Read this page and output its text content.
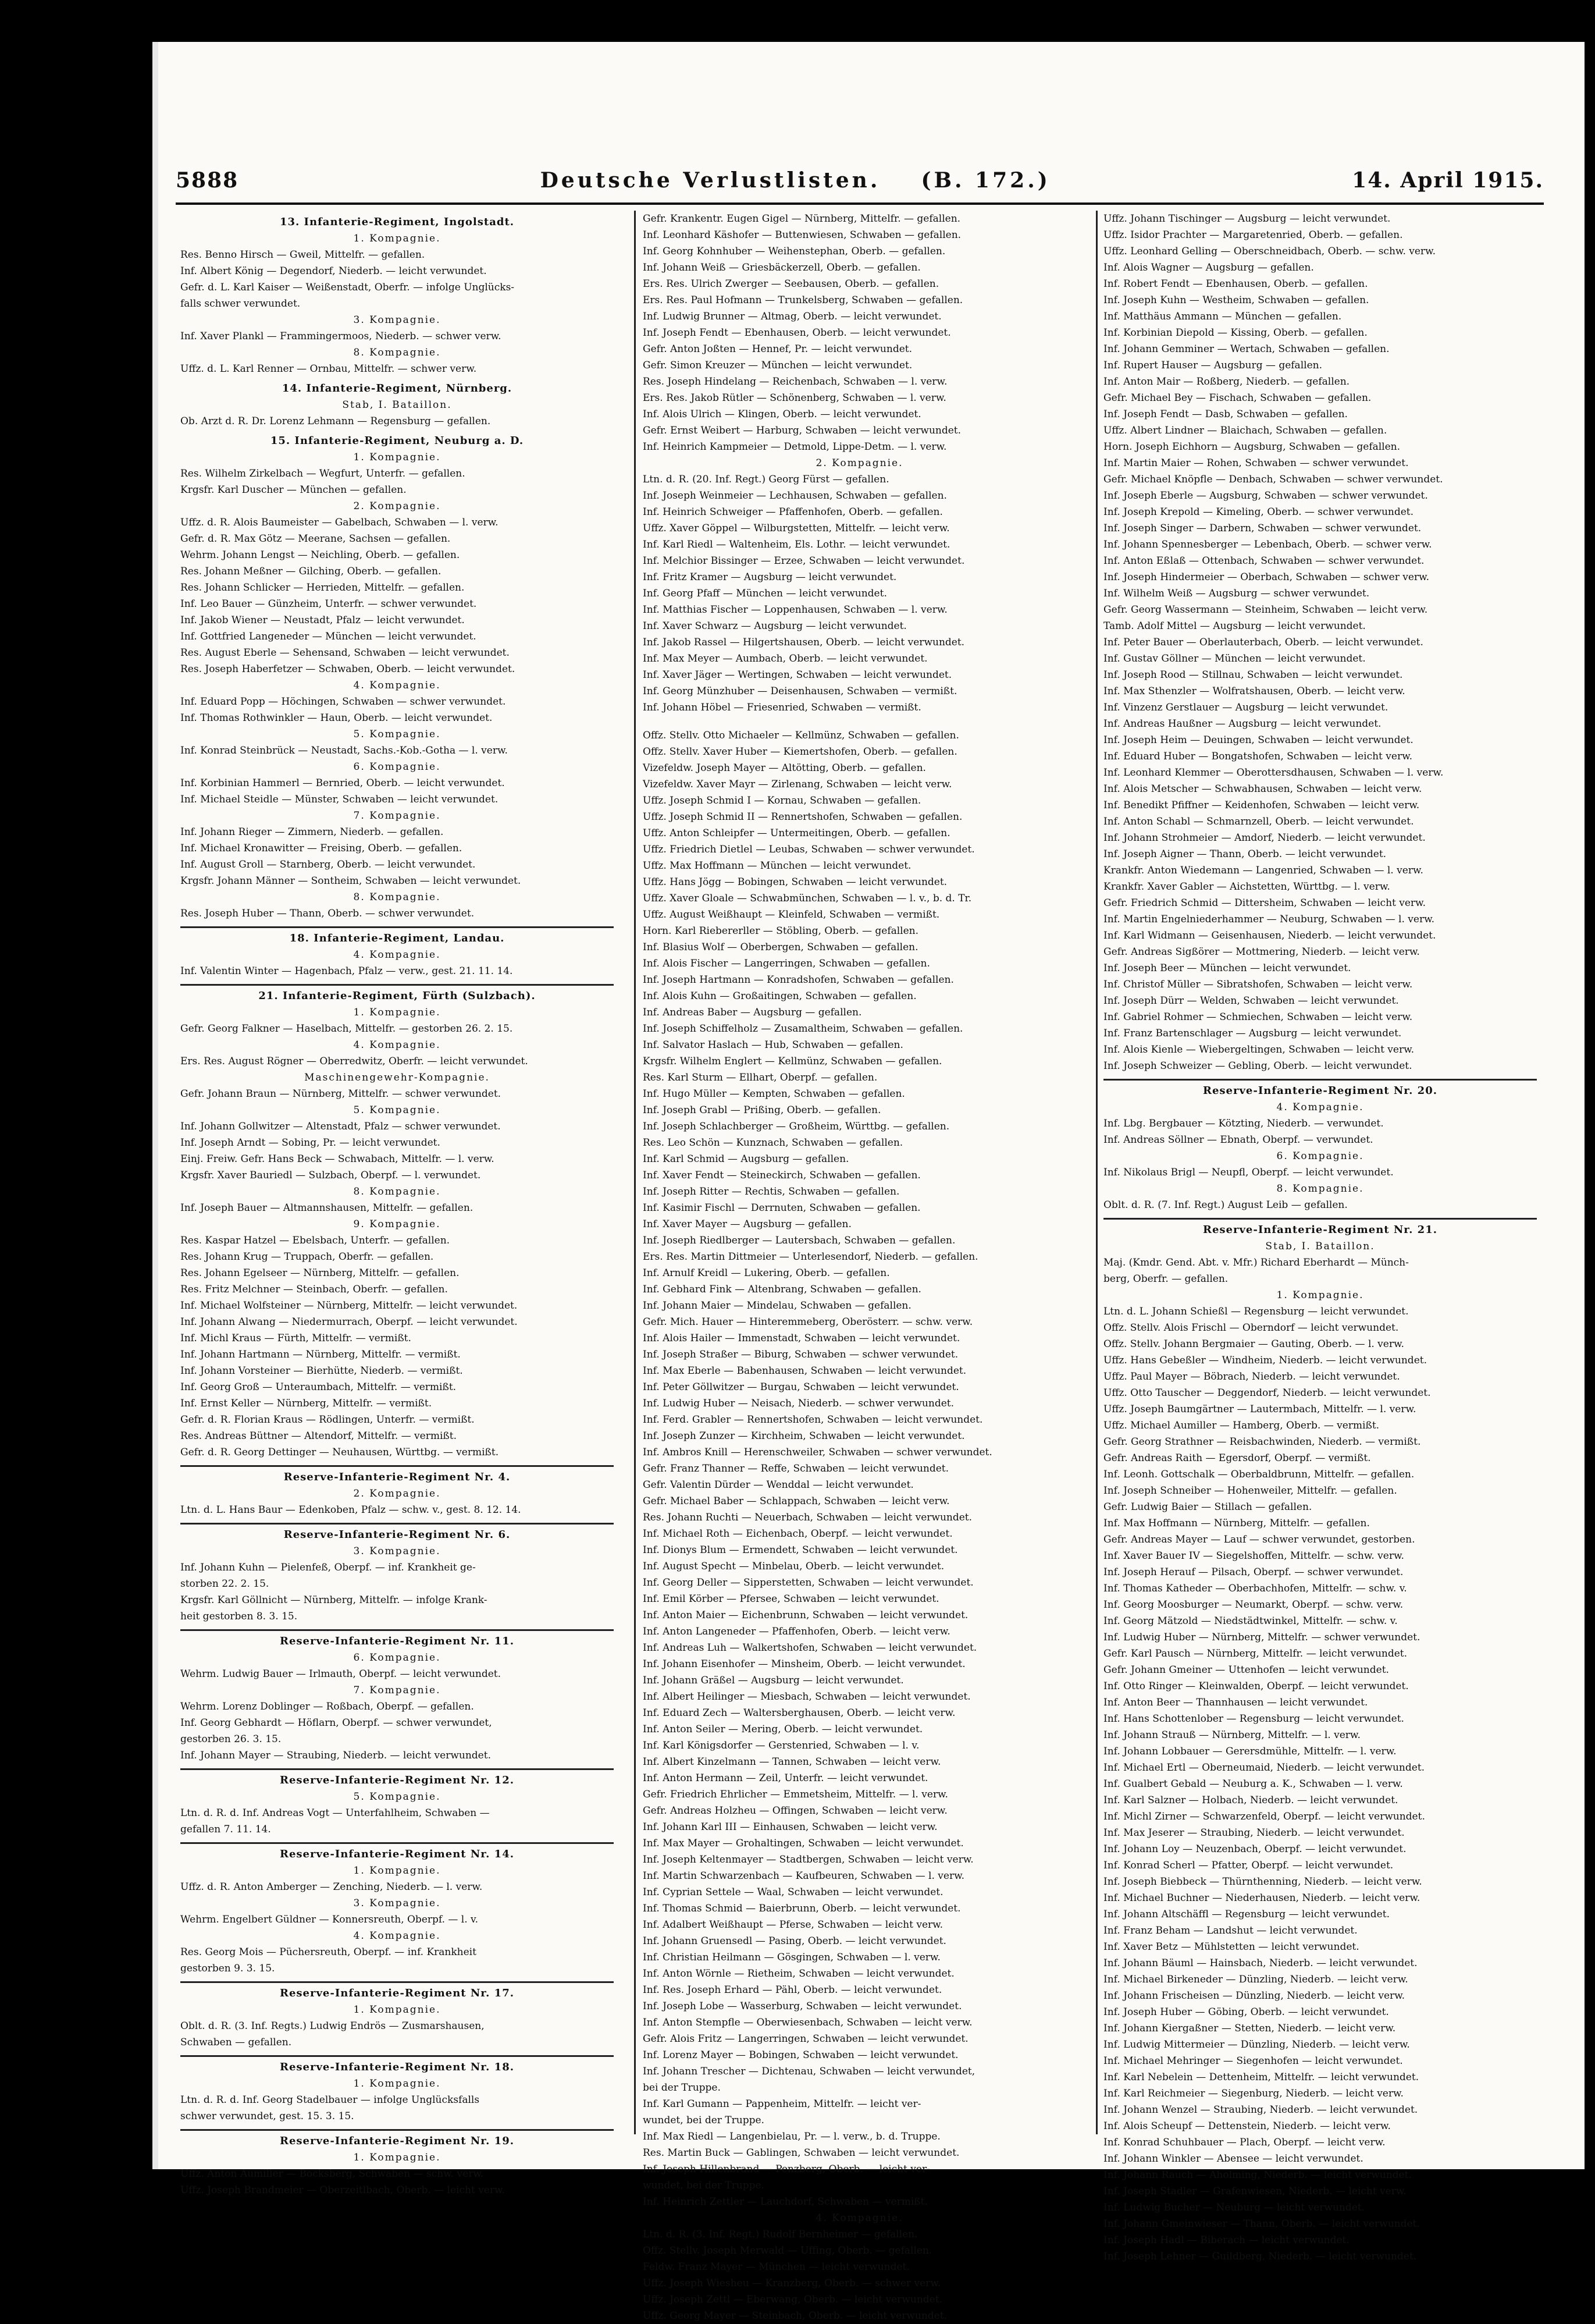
5888	Deutsche Verlustlisten. (B. 172.)	14. April 1915.
13. Infanterie-Regiment, Ingolstadt.
1. Kompagnie.
Res. Benno Hirsch — Gweil, Mittelfr. — gefallen.
Inf. Albert König — Degendorf, Niederb. — leicht verwundet.
Gefr. d. L. Karl Kaiser — Weißenstadt, Oberfr. — infolge Unglücks-
falls schwer verwundet.
3. Kompagnie.
Inf. Xaver Plankl — Frammingermoos, Niederb. — schwer verw.
8. Kompagnie.
Uffz. d. L. Karl Renner — Ornbau, Mittelfr. — schwer verw.
14. Infanterie-Regiment, Nürnberg.
Stab, I. Bataillon.
Ob. Arzt d. R. Dr. Lorenz Lehmann — Regensburg — gefallen.
15. Infanterie-Regiment, Neuburg a. D.
1. Kompagnie.
Res. Wilhelm Zirkelbach — Wegfurt, Unterfr. — gefallen.
Krgsfr. Karl Duscher — München — gefallen.
2. Kompagnie.
Uffz. d. R. Alois Baumeister — Gabelbach, Schwaben — l. verw.
Gefr. d. R. Max Götz — Meerane, Sachsen — gefallen.
Wehrm. Johann Lengst — Neichling, Oberb. — gefallen.
Res. Johann Meßner — Gilching, Oberb. — gefallen.
Res. Johann Schlicker — Herrieden, Mittelfr. — gefallen.
Inf. Leo Bauer — Günzheim, Unterfr. — schwer verwundet.
Inf. Jakob Wiener — Neustadt, Pfalz — leicht verwundet.
Inf. Gottfried Langeneder — München — leicht verwundet.
Res. August Eberle — Sehensand, Schwaben — leicht verwundet.
Res. Joseph Haberfetzer — Schwaben, Oberb. — leicht verwundet.
4. Kompagnie.
Inf. Eduard Popp — Höchingen, Schwaben — schwer verwundet.
Inf. Thomas Rothwinkler — Haun, Oberb. — leicht verwundet.
5. Kompagnie.
Inf. Konrad Steinbrück — Neustadt, Sachs.-Kob.-Gotha — l. verw.
6. Kompagnie.
Inf. Korbinian Hammerl — Bernried, Oberb. — leicht verwundet.
Inf. Michael Steidle — Münster, Schwaben — leicht verwundet.
7. Kompagnie.
Inf. Johann Rieger — Zimmern, Niederb. — gefallen.
Inf. Michael Kronawitter — Freising, Oberb. — gefallen.
Inf. August Groll — Starnberg, Oberb. — leicht verwundet.
Krgsfr. Johann Männer — Sontheim, Schwaben — leicht verwundet.
8. Kompagnie.
Res. Joseph Huber — Thann, Oberb. — schwer verwundet.
18. Infanterie-Regiment, Landau.
4. Kompagnie.
Inf. Valentin Winter — Hagenbach, Pfalz — verw., gest. 21. 11. 14.
21. Infanterie-Regiment, Fürth (Sulzbach).
1. Kompagnie.
Gefr. Georg Falkner — Haselbach, Mittelfr. — gestorben 26. 2. 15.
4. Kompagnie.
Ers. Res. August Rögner — Oberredwitz, Oberfr. — leicht verwundet.
Maschinengewehr-Kompagnie.
Gefr. Johann Braun — Nürnberg, Mittelfr. — schwer verwundet.
5. Kompagnie.
Inf. Johann Gollwitzer — Altenstadt, Pfalz — schwer verwundet.
Inf. Joseph Arndt — Sobing, Pr. — leicht verwundet.
Einj. Freiw. Gefr. Hans Beck — Schwabach, Mittelfr. — l. verw.
Krgsfr. Xaver Bauriedl — Sulzbach, Oberpf. — l. verwundet.
8. Kompagnie.
Inf. Joseph Bauer — Altmannshausen, Mittelfr. — gefallen.
9. Kompagnie.
Res. Kaspar Hatzel — Ebelsbach, Unterfr. — gefallen.
Res. Johann Krug — Truppach, Oberfr. — gefallen.
Res. Johann Egelseer — Nürnberg, Mittelfr. — gefallen.
Res. Fritz Melchner — Steinbach, Oberfr. — gefallen.
Inf. Michael Wolfsteiner — Nürnberg, Mittelfr. — leicht verwundet.
Inf. Johann Alwang — Niedermurrach, Oberpf. — leicht verwundet.
Inf. Michl Kraus — Fürth, Mittelfr. — vermißt.
Inf. Johann Hartmann — Nürnberg, Mittelfr. — vermißt.
Inf. Johann Vorsteiner — Bierhütte, Niederb. — vermißt.
Inf. Georg Groß — Unteraumbach, Mittelfr. — vermißt.
Inf. Ernst Keller — Nürnberg, Mittelfr. — vermißt.
Gefr. d. R. Florian Kraus — Rödlingen, Unterfr. — vermißt.
Res. Andreas Büttner — Altendorf, Mittelfr. — vermißt.
Gefr. d. R. Georg Dettinger — Neuhausen, Württbg. — vermißt.
Reserve-Infanterie-Regiment Nr. 4.
2. Kompagnie.
Ltn. d. L. Hans Baur — Edenkoben, Pfalz — schw. v., gest. 8. 12. 14.
Reserve-Infanterie-Regiment Nr. 6.
3. Kompagnie.
Inf. Johann Kuhn — Pielenfeß, Oberpf. — inf. Krankheit ge-
storben 22. 2. 15.
Krgsfr. Karl Göllnicht — Nürnberg, Mittelfr. — infolge Krank-
heit gestorben 8. 3. 15.
Reserve-Infanterie-Regiment Nr. 11.
6. Kompagnie.
Wehrm. Ludwig Bauer — Irlmauth, Oberpf. — leicht verwundet.
7. Kompagnie.
Wehrm. Lorenz Doblinger — Roßbach, Oberpf. — gefallen.
Inf. Georg Gebhardt — Höflarn, Oberpf. — schwer verwundet,
gestorben 26. 3. 15.
Inf. Johann Mayer — Straubing, Niederb. — leicht verwundet.
Reserve-Infanterie-Regiment Nr. 12.
5. Kompagnie.
Ltn. d. R. d. Inf. Andreas Vogt — Unterfahlheim, Schwaben —
gefallen 7. 11. 14.
Reserve-Infanterie-Regiment Nr. 14.
1. Kompagnie.
Uffz. d. R. Anton Amberger — Zenching, Niederb. — l. verw.
3. Kompagnie.
Wehrm. Engelbert Güldner — Konnersreuth, Oberpf. — l. v.
4. Kompagnie.
Res. Georg Mois — Püchersreuth, Oberpf. — inf. Krankheit
gestorben 9. 3. 15.
Reserve-Infanterie-Regiment Nr. 17.
1. Kompagnie.
Oblt. d. R. (3. Inf. Regts.) Ludwig Endrös — Zusmarshausen,
Schwaben — gefallen.
Reserve-Infanterie-Regiment Nr. 18.
1. Kompagnie.
Ltn. d. R. d. Inf. Georg Stadelbauer — infolge Unglücksfalls
schwer verwundet, gest. 15. 3. 15.
Reserve-Infanterie-Regiment Nr. 19.
1. Kompagnie.
Uffz. Anton Aumiller — Bocksberg, Schwaben — schw. verw.
Uffz. Joseph Brandmeier — Oberzeitlbach, Oberb. — leicht verw.
Gefr. Krankentr. Eugen Gigel — Nürnberg, Mittelfr. — gefallen.
Inf. Leonhard Käshofer — Buttenwiesen, Schwaben — gefallen.
Inf. Georg Kohnhuber — Weihenstephan, Oberb. — gefallen.
Inf. Johann Weiß — Griesbäckerzell, Oberb. — gefallen.
Ers. Res. Ulrich Zwerger — Seebausen, Oberb. — gefallen.
Ers. Res. Paul Hofmann — Trunkelsberg, Schwaben — gefallen.
Inf. Ludwig Brunner — Altmag, Oberb. — leicht verwundet.
Inf. Joseph Fendt — Ebenhausen, Oberb. — leicht verwundet.
Gefr. Anton Joßten — Hennef, Pr. — leicht verwundet.
Gefr. Simon Kreuzer — München — leicht verwundet.
Res. Joseph Hindelang — Reichenbach, Schwaben — l. verw.
Ers. Res. Jakob Rütler — Schönenberg, Schwaben — l. verw.
Inf. Alois Ulrich — Klingen, Oberb. — leicht verwundet.
Gefr. Ernst Weibert — Harburg, Schwaben — leicht verwundet.
Inf. Heinrich Kampmeier — Detmold, Lippe-Detm. — l. verw.
2. Kompagnie.
Ltn. d. R. (20. Inf. Regt.) Georg Fürst — gefallen.
Inf. Joseph Weinmeier — Lechhausen, Schwaben — gefallen.
Inf. Heinrich Schweiger — Pfaffenhofen, Oberb. — gefallen.
Uffz. Xaver Göppel — Wilburgstetten, Mittelfr. — leicht verw.
Inf. Karl Riedl — Waltenheim, Els. Lothr. — leicht verwundet.
Inf. Melchior Bissinger — Erzee, Schwaben — leicht verwundet.
Inf. Fritz Kramer — Augsburg — leicht verwundet.
Inf. Georg Pfaff — München — leicht verwundet.
Inf. Matthias Fischer — Loppenhausen, Schwaben — l. verw.
Inf. Xaver Schwarz — Augsburg — leicht verwundet.
Inf. Jakob Rassel — Hilgertshausen, Oberb. — leicht verwundet.
Inf. Max Meyer — Aumbach, Oberb. — leicht verwundet.
Inf. Xaver Jäger — Wertingen, Schwaben — leicht verwundet.
Inf. Georg Münzhuber — Deisenhausen, Schwaben — vermißt.
Inf. Johann Höbel — Friesenried, Schwaben — vermißt.
Offz. Stellv. Otto Michaeler — Kellmünz, Schwaben — gefallen.
Offz. Stellv. Xaver Huber — Kiemertshofen, Oberb. — gefallen.
Vizefeldw. Joseph Mayer — Altötting, Oberb. — gefallen.
Vizefeldw. Xaver Mayr — Zirlenang, Schwaben — leicht verw.
Uffz. Joseph Schmid I — Kornau, Schwaben — gefallen.
Uffz. Joseph Schmid II — Rennertshofen, Schwaben — gefallen.
Uffz. Anton Schleipfer — Untermeitingen, Oberb. — gefallen.
Uffz. Friedrich Dietlel — Leubas, Schwaben — schwer verwundet.
Uffz. Max Hoffmann — München — leicht verwundet.
Uffz. Hans Jögg — Bobingen, Schwaben — leicht verwundet.
Uffz. Xaver Gloale — Schwabmünchen, Schwaben — l. v., b. d. Tr.
Uffz. August Weißhaupt — Kleinfeld, Schwaben — vermißt.
Horn. Karl Riebererller — Stöbling, Oberb. — gefallen.
Inf. Blasius Wolf — Oberbergen, Schwaben — gefallen.
Inf. Alois Fischer — Langerringen, Schwaben — gefallen.
Inf. Joseph Hartmann — Konradshofen, Schwaben — gefallen.
Inf. Alois Kuhn — Großaitingen, Schwaben — gefallen.
Inf. Andreas Baber — Augsburg — gefallen.
Inf. Joseph Schiffelholz — Zusamaltheim, Schwaben — gefallen.
Inf. Salvator Haslach — Hub, Schwaben — gefallen.
Krgsfr. Wilhelm Englert — Kellmünz, Schwaben — gefallen.
Res. Karl Sturm — Ellhart, Oberpf. — gefallen.
Inf. Hugo Müller — Kempten, Schwaben — gefallen.
Inf. Joseph Grabl — Prißing, Oberb. — gefallen.
Inf. Joseph Schlachberger — Großheim, Württbg. — gefallen.
Res. Leo Schön — Kunznach, Schwaben — gefallen.
Inf. Karl Schmid — Augsburg — gefallen.
Inf. Xaver Fendt — Steineckirch, Schwaben — gefallen.
Inf. Joseph Ritter — Rechtis, Schwaben — gefallen.
Inf. Kasimir Fischl — Derrnuten, Schwaben — gefallen.
Inf. Xaver Mayer — Augsburg — gefallen.
Inf. Joseph Riedlberger — Lautersbach, Schwaben — gefallen.
Ers. Res. Martin Dittmeier — Unterlesendorf, Niederb. — gefallen.
Inf. Arnulf Kreidl — Lukering, Oberb. — gefallen.
Inf. Gebhard Fink — Altenbrang, Schwaben — gefallen.
Inf. Johann Maier — Mindelau, Schwaben — gefallen.
Gefr. Mich. Hauer — Hinteremmeberg, Oberösterr. — schw. verw.
Inf. Alois Hailer — Immenstadt, Schwaben — leicht verwundet.
Inf. Joseph Straßer — Biburg, Schwaben — schwer verwundet.
Inf. Max Eberle — Babenhausen, Schwaben — leicht verwundet.
Inf. Peter Göllwitzer — Burgau, Schwaben — leicht verwundet.
Inf. Ludwig Huber — Neisach, Niederb. — schwer verwundet.
Inf. Ferd. Grabler — Rennertshofen, Schwaben — leicht verwundet.
Inf. Joseph Zunzer — Kirchheim, Schwaben — leicht verwundet.
Inf. Ambros Knill — Herenschweiler, Schwaben — schwer verwundet.
Gefr. Franz Thanner — Reffe, Schwaben — leicht verwundet.
Gefr. Valentin Dürder — Wenddal — leicht verwundet.
Gefr. Michael Baber — Schlappach, Schwaben — leicht verw.
Res. Johann Ruchti — Neuerbach, Schwaben — leicht verwundet.
Inf. Michael Roth — Eichenbach, Oberpf. — leicht verwundet.
Inf. Dionys Blum — Ermendett, Schwaben — leicht verwundet.
Inf. August Specht — Minbelau, Oberb. — leicht verwundet.
Inf. Georg Deller — Sipperstetten, Schwaben — leicht verwundet.
Inf. Emil Körber — Pfersee, Schwaben — leicht verwundet.
Inf. Anton Maier — Eichenbrunn, Schwaben — leicht verwundet.
Inf. Anton Langeneder — Pfaffenhofen, Oberb. — leicht verw.
Inf. Andreas Luh — Walkertshofen, Schwaben — leicht verwundet.
Inf. Johann Eisenhofer — Minsheim, Oberb. — leicht verwundet.
Inf. Johann Gräßel — Augsburg — leicht verwundet.
Inf. Albert Heilinger — Miesbach, Schwaben — leicht verwundet.
Inf. Eduard Zech — Waltersberghausen, Oberb. — leicht verw.
Inf. Anton Seiler — Mering, Oberb. — leicht verwundet.
Inf. Karl Königsdorfer — Gerstenried, Schwaben — l. v.
Inf. Albert Kinzelmann — Tannen, Schwaben — leicht verw.
Inf. Anton Hermann — Zeil, Unterfr. — leicht verwundet.
Gefr. Friedrich Ehrlicher — Emmetsheim, Mittelfr. — l. verw.
Gefr. Andreas Holzheu — Offingen, Schwaben — leicht verw.
Inf. Johann Karl III — Einhausen, Schwaben — leicht verw.
Inf. Max Mayer — Grohaltingen, Schwaben — leicht verwundet.
Inf. Joseph Keltenmayer — Stadtbergen, Schwaben — leicht verw.
Inf. Martin Schwarzenbach — Kaufbeuren, Schwaben — l. verw.
Inf. Cyprian Settele — Waal, Schwaben — leicht verwundet.
Inf. Thomas Schmid — Baierbrunn, Oberb. — leicht verwundet.
Inf. Adalbert Weißhaupt — Pferse, Schwaben — leicht verw.
Inf. Johann Gruensedl — Pasing, Oberb. — leicht verwundet.
Inf. Christian Heilmann — Gösgingen, Schwaben — l. verw.
Inf. Anton Wörnle — Rietheim, Schwaben — leicht verwundet.
Inf. Res. Joseph Erhard — Pähl, Oberb. — leicht verwundet.
Inf. Joseph Lobe — Wasserburg, Schwaben — leicht verwundet.
Inf. Anton Stempfle — Oberwiesenbach, Schwaben — leicht verw.
Gefr. Alois Fritz — Langerringen, Schwaben — leicht verwundet.
Inf. Lorenz Mayer — Bobingen, Schwaben — leicht verwundet.
Inf. Johann Trescher — Dichtenau, Schwaben — leicht verwundet,
bei der Truppe.
Inf. Karl Gumann — Pappenheim, Mittelfr. — leicht ver-
wundet, bei der Truppe.
Inf. Max Riedl — Langenbielau, Pr. — l. verw., b. d. Truppe.
Res. Martin Buck — Gablingen, Schwaben — leicht verwundet.
Inf. Joseph Hillenbrand — Penzberg, Oberb. — leicht ver-
wundet, bei der Truppe.
Inf. Heinrich Zettler — Lauchdorf, Schwaben — vermißt.
4. Kompagnie.
Ltn. d. R. (3. Inf. Regt.) Rudolf Bernheimer — gefallen.
Offz. Stellv. Joseph Merwald — Uffing, Oberb. — gefallen.
Feldw. Franz Mayer — München — leicht verwundet.
Uffz. Joseph Wiesheu — Kranzberg, Oberb. — schwer verw.
Uffz. Joseph Zettl — Eberwang, Oberb. — leicht verwundet.
Uffz. Georg Mayer — Steinbach, Oberb. — leicht verwundet.
Uffz. Johann Tischinger — Augsburg — leicht verwundet.
Uffz. Isidor Prachter — Margaretenried, Oberb. — gefallen.
Uffz. Leonhard Gelling — Oberschneidbach, Oberb. — schw. verw.
Inf. Alois Wagner — Augsburg — gefallen.
Inf. Robert Fendt — Ebenhausen, Oberb. — gefallen.
Inf. Joseph Kuhn — Westheim, Schwaben — gefallen.
Inf. Matthäus Ammann — München — gefallen.
Inf. Korbinian Diepold — Kissing, Oberb. — gefallen.
Inf. Johann Gemminer — Wertach, Schwaben — gefallen.
Inf. Rupert Hauser — Augsburg — gefallen.
Inf. Anton Mair — Roßberg, Niederb. — gefallen.
Gefr. Michael Bey — Fischach, Schwaben — gefallen.
Inf. Joseph Fendt — Dasb, Schwaben — gefallen.
Uffz. Albert Lindner — Blaichach, Schwaben — gefallen.
Horn. Joseph Eichhorn — Augsburg, Schwaben — gefallen.
Inf. Martin Maier — Rohen, Schwaben — schwer verwundet.
Gefr. Michael Knöpfle — Denbach, Schwaben — schwer verwundet.
Inf. Joseph Eberle — Augsburg, Schwaben — schwer verwundet.
Inf. Joseph Krepold — Kimeling, Oberb. — schwer verwundet.
Inf. Joseph Singer — Darbern, Schwaben — schwer verwundet.
Inf. Johann Spennesberger — Lebenbach, Oberb. — schwer verw.
Inf. Anton Eßlaß — Ottenbach, Schwaben — schwer verwundet.
Inf. Joseph Hindermeier — Oberbach, Schwaben — schwer verw.
Inf. Wilhelm Weiß — Augsburg — schwer verwundet.
Gefr. Georg Wassermann — Steinheim, Schwaben — leicht verw.
Tamb. Adolf Mittel — Augsburg — leicht verwundet.
Inf. Peter Bauer — Oberlauterbach, Oberb. — leicht verwundet.
Inf. Gustav Göllner — München — leicht verwundet.
Inf. Joseph Rood — Stillnau, Schwaben — leicht verwundet.
Inf. Max Sthenzler — Wolfratshausen, Oberb. — leicht verw.
Inf. Vinzenz Gerstlauer — Augsburg — leicht verwundet.
Inf. Andreas Haußner — Augsburg — leicht verwundet.
Inf. Joseph Heim — Deuingen, Schwaben — leicht verwundet.
Inf. Eduard Huber — Bongatshofen, Schwaben — leicht verw.
Inf. Leonhard Klemmer — Oberottersdhausen, Schwaben — l. verw.
Inf. Alois Metscher — Schwabhausen, Schwaben — leicht verw.
Inf. Benedikt Pfiffner — Keidenhofen, Schwaben — leicht verw.
Inf. Anton Schabl — Schmarnzell, Oberb. — leicht verwundet.
Inf. Johann Strohmeier — Amdorf, Niederb. — leicht verwundet.
Inf. Joseph Aigner — Thann, Oberb. — leicht verwundet.
Krankfr. Anton Wiedemann — Langenried, Schwaben — l. verw.
Krankfr. Xaver Gabler — Aichstetten, Württbg. — l. verw.
Gefr. Friedrich Schmid — Dittersheim, Schwaben — leicht verw.
Inf. Martin Engelniederhammer — Neuburg, Schwaben — l. verw.
Inf. Karl Widmann — Geisenhausen, Niederb. — leicht verwundet.
Gefr. Andreas Sigßörer — Mottmering, Niederb. — leicht verw.
Inf. Joseph Beer — München — leicht verwundet.
Inf. Christof Müller — Sibratshofen, Schwaben — leicht verw.
Inf. Joseph Dürr — Welden, Schwaben — leicht verwundet.
Inf. Gabriel Rohmer — Schmiechen, Schwaben — leicht verw.
Inf. Franz Bartenschlager — Augsburg — leicht verwundet.
Inf. Alois Kienle — Wiebergeltingen, Schwaben — leicht verw.
Inf. Joseph Schweizer — Gebling, Oberb. — leicht verwundet.
Reserve-Infanterie-Regiment Nr. 20.
4. Kompagnie.
Inf. Lbg. Bergbauer — Kötzting, Niederb. — verwundet.
Inf. Andreas Söllner — Ebnath, Oberpf. — verwundet.
6. Kompagnie.
Inf. Nikolaus Brigl — Neupfl, Oberpf. — leicht verwundet.
8. Kompagnie.
Oblt. d. R. (7. Inf. Regt.) August Leib — gefallen.
Reserve-Infanterie-Regiment Nr. 21.
Stab, I. Bataillon.
Maj. (Kmdr. Gend. Abt. v. Mfr.) Richard Eberhardt — Münch-
berg, Oberfr. — gefallen.
1. Kompagnie.
Ltn. d. L. Johann Schießl — Regensburg — leicht verwundet.
Offz. Stellv. Alois Frischl — Oberndorf — leicht verwundet.
Offz. Stellv. Johann Bergmaier — Gauting, Oberb. — l. verw.
Uffz. Hans Gebeßler — Windheim, Niederb. — leicht verwundet.
Uffz. Paul Mayer — Böbrach, Niederb. — leicht verwundet.
Uffz. Otto Tauscher — Deggendorf, Niederb. — leicht verwundet.
Uffz. Joseph Baumgärtner — Lautermbach, Mittelfr. — l. verw.
Uffz. Michael Aumiller — Hamberg, Oberb. — vermißt.
Gefr. Georg Strathner — Reisbachwinden, Niederb. — vermißt.
Gefr. Andreas Raith — Egersdorf, Oberpf. — vermißt.
Inf. Leonh. Gottschalk — Oberbaldbrunn, Mittelfr. — gefallen.
Inf. Joseph Schneiber — Hohenweiler, Mittelfr. — gefallen.
Gefr. Ludwig Baier — Stillach — gefallen.
Inf. Max Hoffmann — Nürnberg, Mittelfr. — gefallen.
Gefr. Andreas Mayer — Lauf — schwer verwundet, gestorben.
Inf. Xaver Bauer IV — Siegelshoffen, Mittelfr. — schw. verw.
Inf. Joseph Herauf — Pilsach, Oberpf. — schwer verwundet.
Inf. Thomas Katheder — Oberbachhofen, Mittelfr. — schw. v.
Inf. Georg Moosburger — Neumarkt, Oberpf. — schw. verw.
Inf. Georg Mätzold — Niedstädtwinkel, Mittelfr. — schw. v.
Inf. Ludwig Huber — Nürnberg, Mittelfr. — schwer verwundet.
Gefr. Karl Pausch — Nürnberg, Mittelfr. — leicht verwundet.
Gefr. Johann Gmeiner — Uttenhofen — leicht verwundet.
Inf. Otto Ringer — Kleinwalden, Oberpf. — leicht verwundet.
Inf. Anton Beer — Thannhausen — leicht verwundet.
Inf. Hans Schottenlober — Regensburg — leicht verwundet.
Inf. Johann Strauß — Nürnberg, Mittelfr. — l. verw.
Inf. Johann Lobbauer — Gerersdmühle, Mittelfr. — l. verw.
Inf. Michael Ertl — Oberneumaid, Niederb. — leicht verwundet.
Inf. Gualbert Gebald — Neuburg a. K., Schwaben — l. verw.
Inf. Karl Salzner — Holbach, Niederb. — leicht verwundet.
Inf. Michl Zirner — Schwarzenfeld, Oberpf. — leicht verwundet.
Inf. Max Jeserer — Straubing, Niederb. — leicht verwundet.
Inf. Johann Loy — Neuzenbach, Oberpf. — leicht verwundet.
Inf. Konrad Scherl — Pfatter, Oberpf. — leicht verwundet.
Inf. Joseph Biebbeck — Thürnthenning, Niederb. — leicht verw.
Inf. Michael Buchner — Niederhausen, Niederb. — leicht verw.
Inf. Johann Altschäffl — Regensburg — leicht verwundet.
Inf. Franz Beham — Landshut — leicht verwundet.
Inf. Xaver Betz — Mühlstetten — leicht verwundet.
Inf. Johann Bäuml — Hainsbach, Niederb. — leicht verwundet.
Inf. Michael Birkeneder — Dünzling, Niederb. — leicht verw.
Inf. Johann Frischeisen — Dünzling, Niederb. — leicht verw.
Inf. Joseph Huber — Göbing, Oberb. — leicht verwundet.
Inf. Johann Kiergaßner — Stetten, Niederb. — leicht verw.
Inf. Ludwig Mittermeier — Dünzling, Niederb. — leicht verw.
Inf. Michael Mehringer — Siegenhofen — leicht verwundet.
Inf. Karl Nebelein — Dettenheim, Mittelfr. — leicht verwundet.
Inf. Karl Reichmeier — Siegenburg, Niederb. — leicht verw.
Inf. Johann Wenzel — Straubing, Niederb. — leicht verwundet.
Inf. Alois Scheupf — Dettenstein, Niederb. — leicht verw.
Inf. Konrad Schuhbauer — Plach, Oberpf. — leicht verw.
Inf. Johann Winkler — Abensee — leicht verwundet.
Inf. Johann Rauch — Aholming, Niederb. — leicht verwundet.
Inf. Joseph Stadler — Grafenwiesen, Niederb. — leicht verw.
Inf. Ludwig Bucher — Neuburg — leicht verwundet.
Inf. Johann Gmeinwieser — Thann, Oberb. — leicht verwundet.
Inf. Joseph Hadl — Biberach — leicht verwundet.
Inf. Joseph Lehner — Guildberg, Niederb. — leicht verwundet.
